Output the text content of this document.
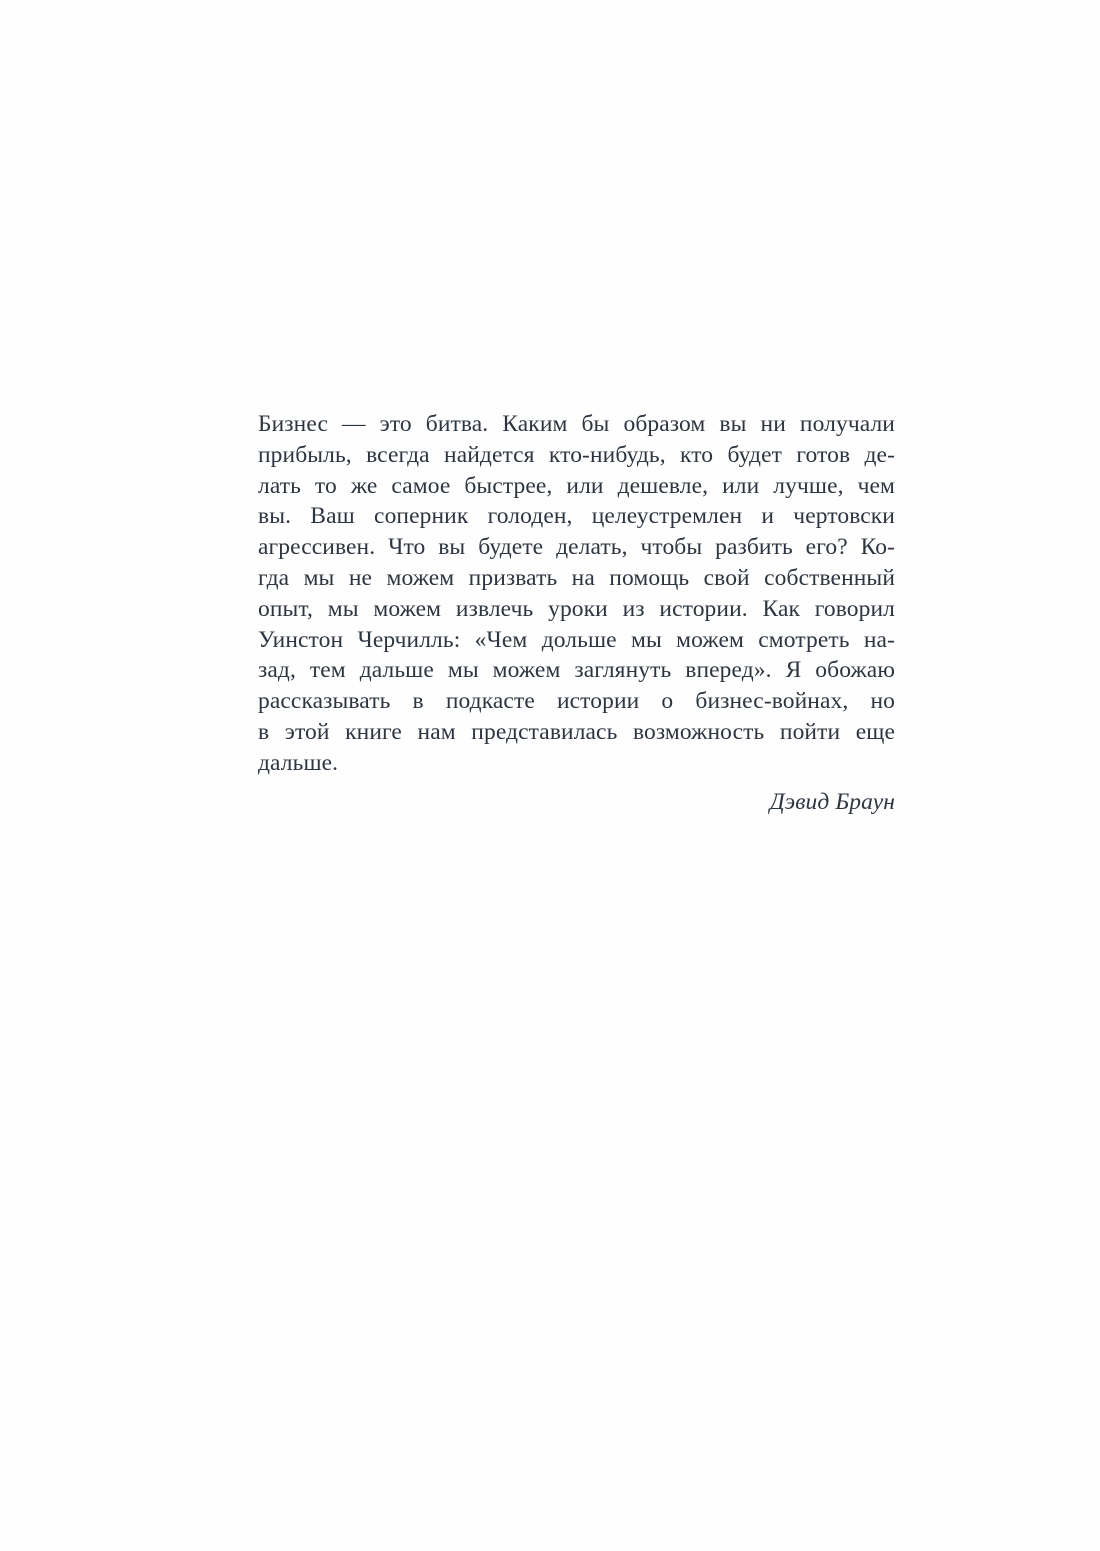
Бизнес — это битва. Каким бы образом вы ни получали
прибыль, всегда найдется кто-нибудь, кто будет готов де-
лать то же самое быстрее, или дешевле, или лучше, чем
вы. Ваш соперник голоден, целеустремлен и чертовски
агрессивен. Что вы будете делать, чтобы разбить его? Ко-
гда мы не можем призвать на помощь свой собственный
опыт, мы можем извлечь уроки из истории. Как говорил
Уинстон Черчилль: «Чем дольше мы можем смотреть на-
зад, тем дальше мы можем заглянуть вперед». Я обожаю
рассказывать в подкасте истории о бизнес-войнах, но
в этой книге нам представилась возможность пойти еще
дальше.
Дэвид Браун
